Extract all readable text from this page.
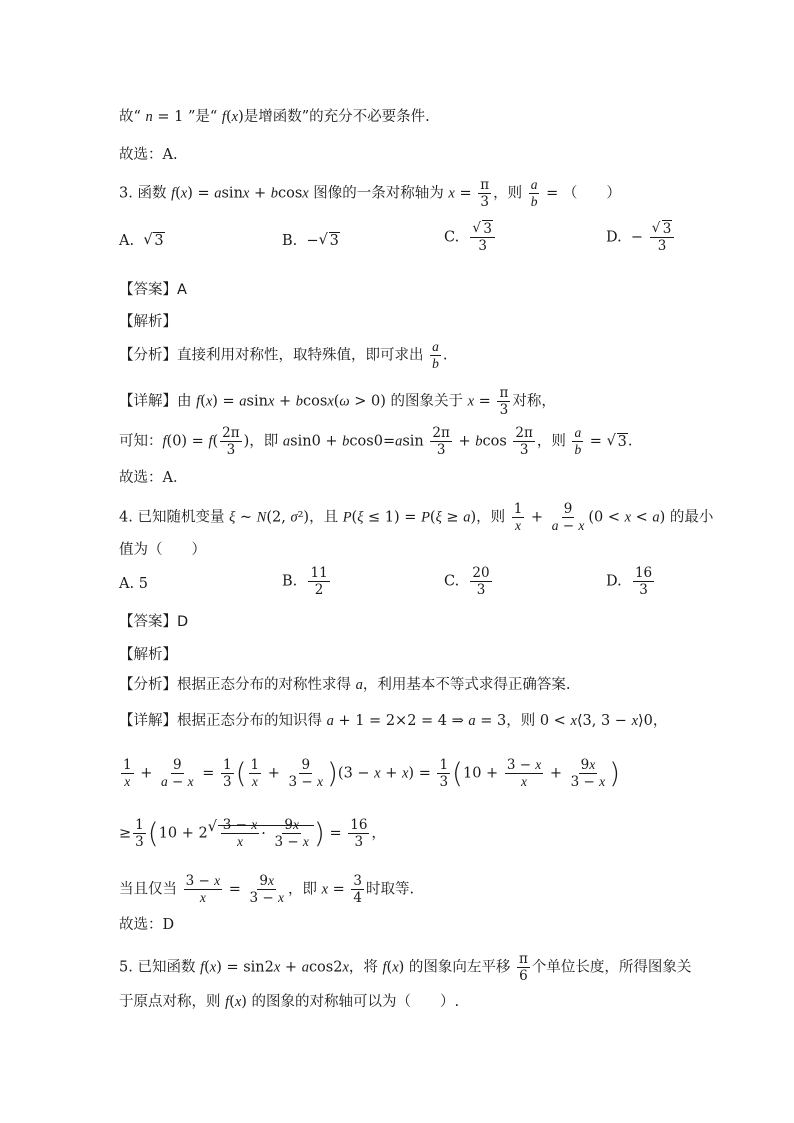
故“ n = 1 ”是“ f(x)是增函数”的充分不必要条件.
故选：A.
3. 函数 f(x) = asinx + bcosx 图像的一条对称轴为 $x = \frac{\pi}{3}$ ，则 $\frac{a}{b}$ = （　　）
A.  √ 3	B.  − √ 3	C. √ $\frac{3}{3}$	D.  − √ $\frac{3}{3}$
【答案】A
【解析】
【分析】直接利用对称性，取特殊值，即可求出 $\frac{a}{b}$ .
【详解】由 f(x) = asinx + bcosx(ω > 0) 的图象关于 $x = \frac{\pi}{3}$ 对称，
可知：$f(0) = f( \frac{2\pi}{3}$ )，即 $asin0 + bcos0=asin \frac{2\pi}{3} + bcos \frac{2\pi}{3}$ ，则 $\frac{a}{b}$ = √ 3.
故选：A．
4. 已知随机变量 ξ ~ N(2, σ²)，且 P(ξ ≤ 1) = P(ξ ≥ a)，则 $\frac{1}{x} + \frac{9}{a - x} (0 < x < a)$ 的最小
值为（　　）
A. 5	B. $\frac{11}{2}$	C. $\frac{20}{3}$	D. $\frac{16}{3}$
【答案】D
【解析】
【分析】根据正态分布的对称性求得 a，利用基本不等式求得正确答案.
【详解】根据正态分布的知识得 a + 1 = 2×2 = 4 ⇒ a = 3，则 0 < x⟨3, 3 − x⟩0，
$\frac{1}{x} + \frac{9}{a - x} = \frac{1}{3}$ ( $\frac{1}{x} + \frac{9}{3 - x} )(3 - x + x) = \frac{1}{3} (10 + \frac{3 - x}{x} + \frac{9x}{3 - x}$ )
≥ $\frac{1}{3} (10 + 2$ √ $\frac{3 - x}{x} \cdot \frac{9x}{3 - x}$ ) = $\frac{16}{3}$ ，
当且仅当 $\frac{3 - x}{x} = \frac{9x}{3 - x}$ ，即 $x = \frac{3}{4}$ 时取等.
故选：D
5. 已知函数 f(x) = sin2x + acos2x，将 f(x) 的图象向左平移 $\frac{\pi}{6}$ 个单位长度，所得图象关
于原点对称，则 f(x) 的图象的对称轴可以为（　　）.
